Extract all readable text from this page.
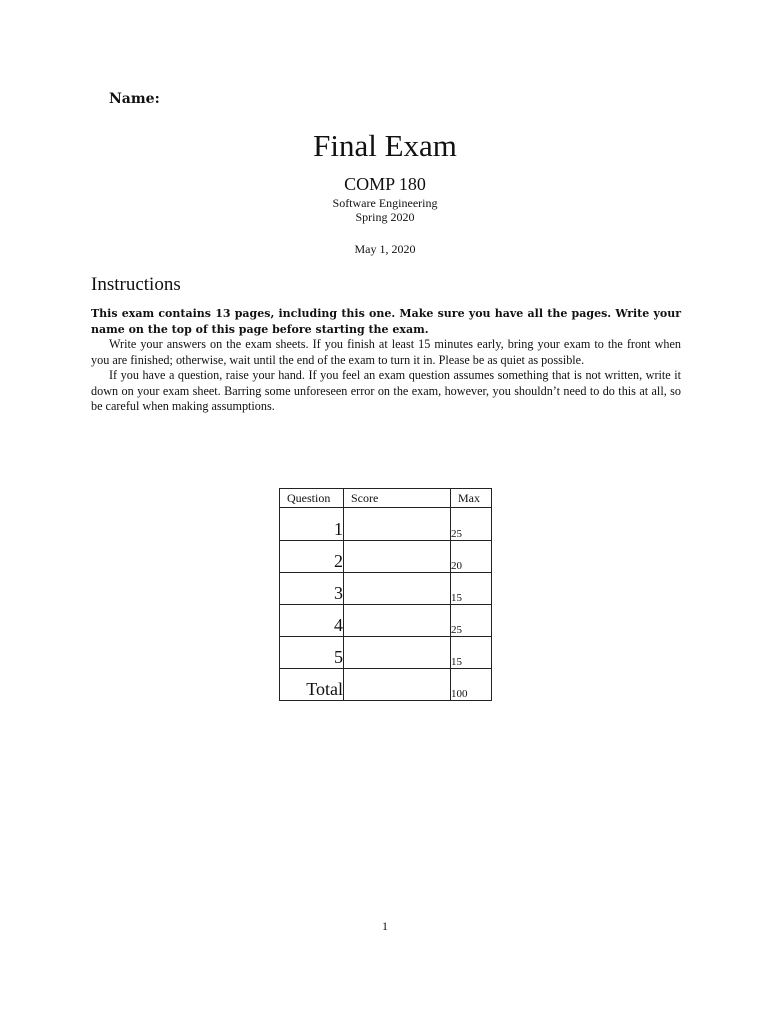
Name:
Final Exam
COMP 180
Software Engineering
Spring 2020
May 1, 2020
Instructions

This exam contains 13 pages, including this one. Make sure you have all the pages. Write your name on the top of this page before starting the exam.

Write your answers on the exam sheets. If you finish at least 15 minutes early, bring your exam to the front when you are finished; otherwise, wait until the end of the exam to turn it in. Please be as quiet as possible.

If you have a question, raise your hand. If you feel an exam question assumes something that is not written, write it down on your exam sheet. Barring some unforeseen error on the exam, however, you shouldn’t need to do this at all, so be careful when making assumptions.

Question	Score	Max
1		25
2		20
3		15
4		25
5		15
Total		100
1
